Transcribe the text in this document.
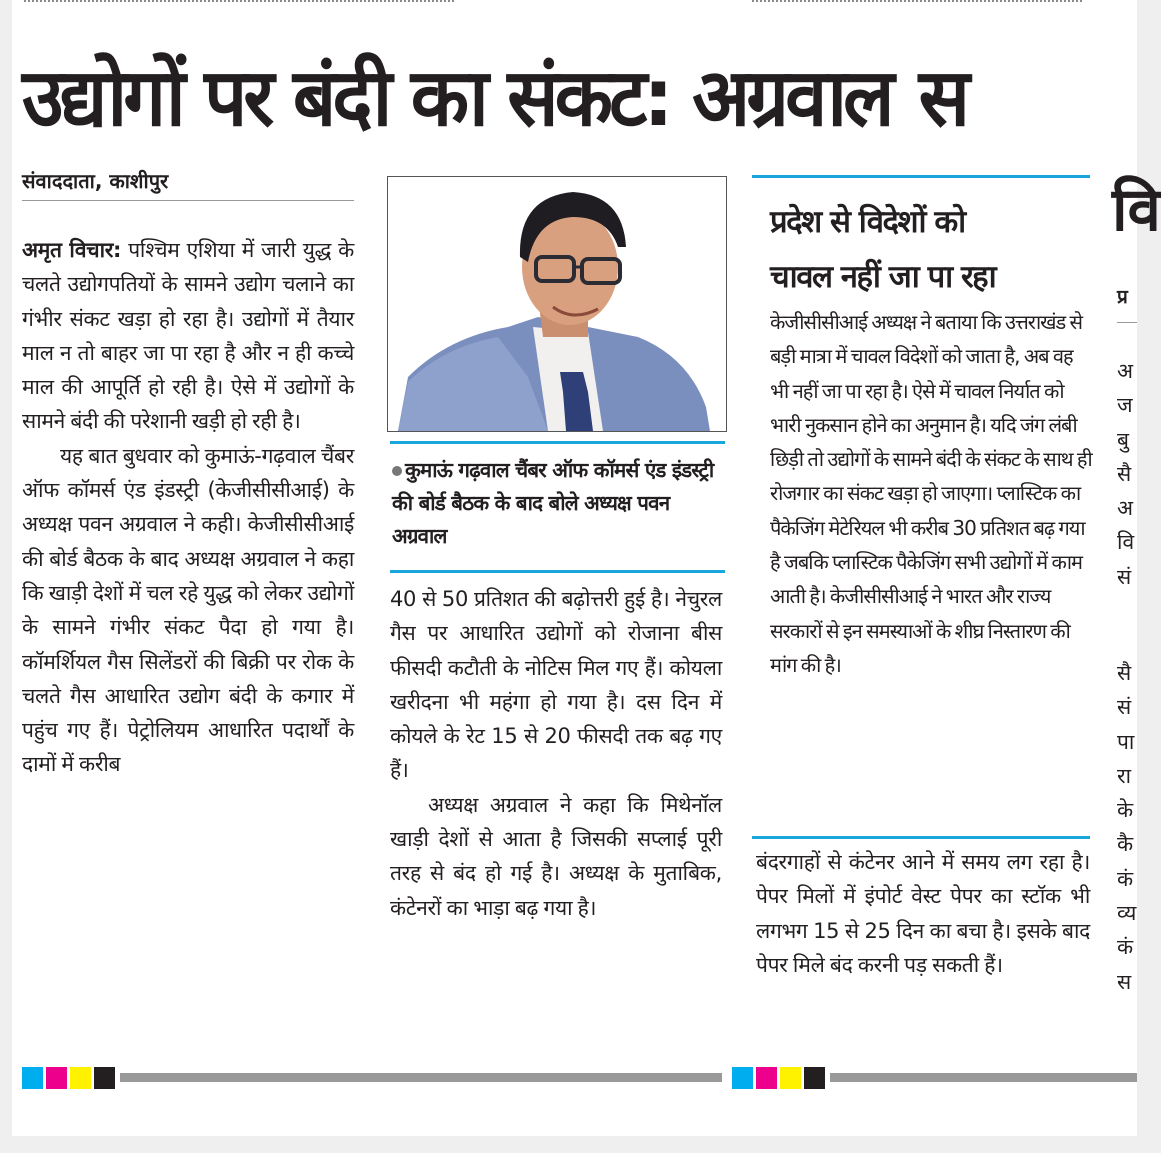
उद्योगों पर बंदी का संकट: अग्रवाल स
संवाददाता, काशीपुर

अमृत विचार: पश्चिम एशिया में जारी युद्ध के चलते उद्योगपतियों के सामने उद्योग चलाने का गंभीर संकट खड़ा हो रहा है। उद्योगों में तैयार माल न तो बाहर जा पा रहा है और न ही कच्चे माल की आपूर्ति हो रही है। ऐसे में उद्योगों के सामने बंदी की परेशानी खड़ी हो रही है।

यह बात बुधवार को कुमाऊं-गढ़वाल चैंबर ऑफ कॉमर्स एंड इंडस्ट्री (केजीसीसीआई) के अध्यक्ष पवन अग्रवाल ने कही। केजीसीसीआई की बोर्ड बैठक के बाद अध्यक्ष अग्रवाल ने कहा कि खाड़ी देशों में चल रहे युद्ध को लेकर उद्योगों के सामने गंभीर संकट पैदा हो गया है। कॉमर्शियल गैस सिलेंडरों की बिक्री पर रोक के चलते गैस आधारित उद्योग बंदी के कगार में पहुंच गए हैं। पेट्रोलियम आधारित पदार्थों के दामों में करीब

कुमाऊं गढ़वाल चैंबर ऑफ कॉमर्स एंड इंडस्ट्री की बोर्ड बैठक के बाद बोले अध्यक्ष पवन अग्रवाल

40 से 50 प्रतिशत की बढ़ोत्तरी हुई है। नेचुरल गैस पर आधारित उद्योगों को रोजाना बीस फीसदी कटौती के नोटिस मिल गए हैं। कोयला खरीदना भी महंगा हो गया है। दस दिन में कोयले के रेट 15 से 20 फीसदी तक बढ़ गए हैं।

अध्यक्ष अग्रवाल ने कहा कि मिथेनॉल खाड़ी देशों से आता है जिसकी सप्लाई पूरी तरह से बंद हो गई है। अध्यक्ष के मुताबिक, कंटेनरों का भाड़ा बढ़ गया है।

प्रदेश से विदेशों को
चावल नहीं जा पा रहा
केजीसीसीआई अध्यक्ष ने बताया कि उत्तराखंड से बड़ी मात्रा में चावल विदेशों को जाता है, अब वह भी नहीं जा पा रहा है। ऐसे में चावल निर्यात को भारी नुकसान होने का अनुमान है। यदि जंग लंबी छिड़ी तो उद्योगों के सामने बंदी के संकट के साथ ही रोजगार का संकट खड़ा हो जाएगा। प्लास्टिक का पैकेजिंग मेटेरियल भी करीब 30 प्रतिशत बढ़ गया है जबकि प्लास्टिक पैकेजिंग सभी उद्योगों में काम आती है। केजीसीसीआई ने भारत और राज्य सरकारों से इन समस्याओं के शीघ्र निस्तारण की मांग की है।

बंदरगाहों से कंटेनर आने में समय लग रहा है। पेपर मिलों में इंपोर्ट वेस्ट पेपर का स्टॉक भी लगभग 15 से 25 दिन का बचा है। इसके बाद पेपर मिले बंद करनी पड़ सकती हैं।

वि
प्र
अ
ज
बु
सै
अ
वि
सं
सै
सं
पा
रा
के
कै
कं
व्य
कं
स
